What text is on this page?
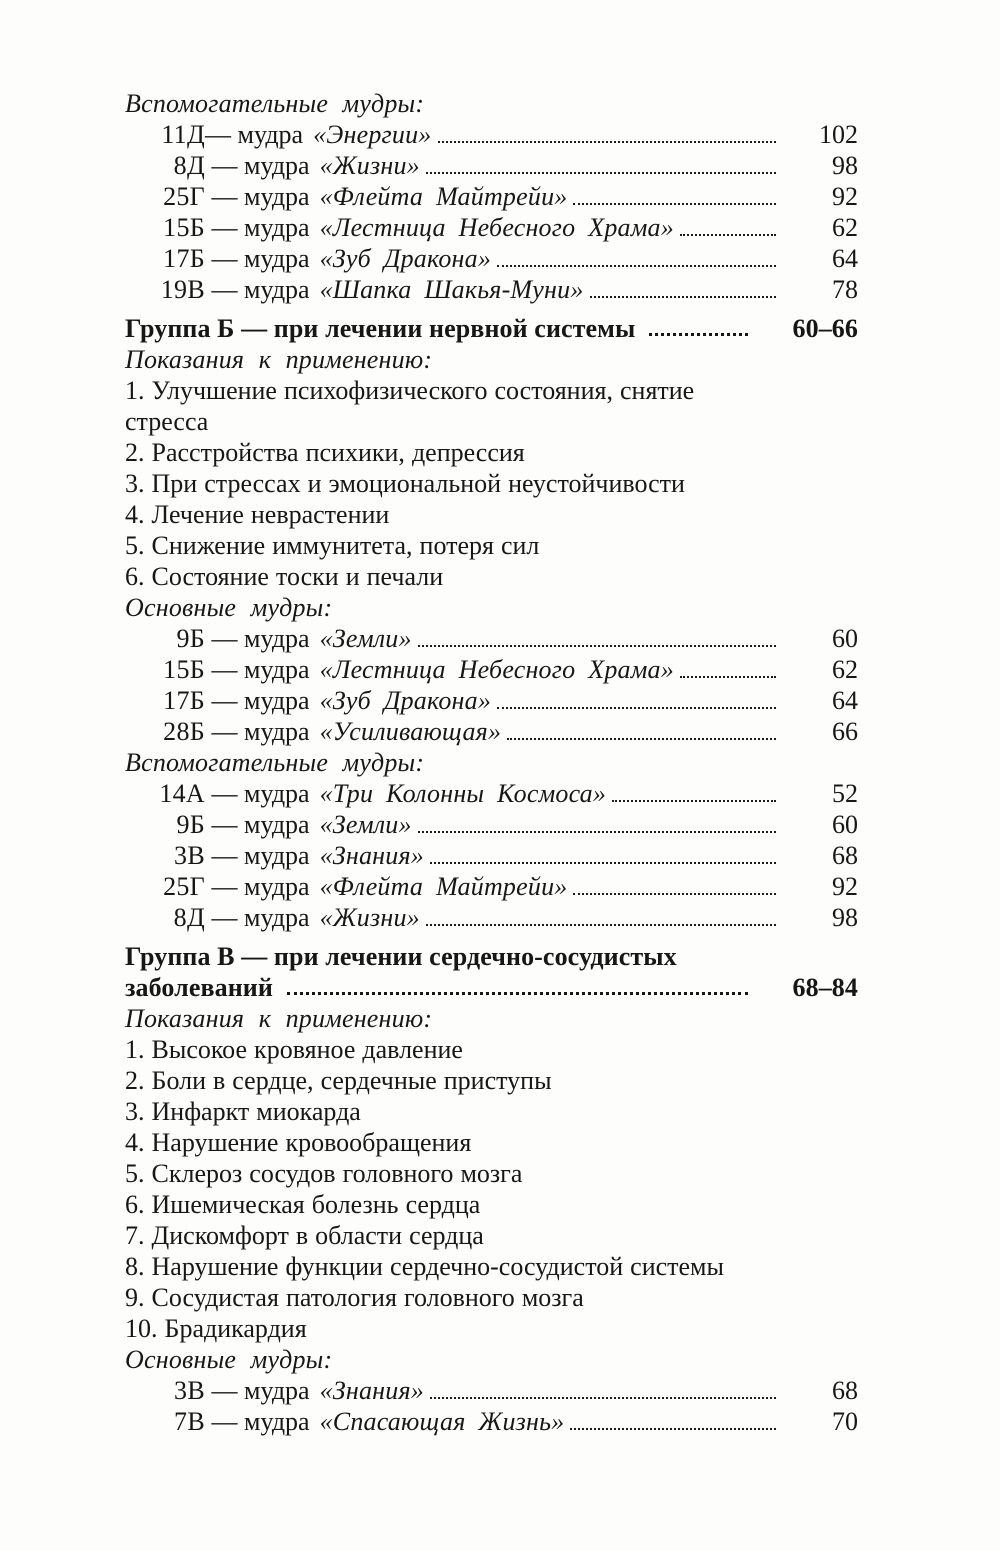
Вспомогательные мудры:
11Д — мудра «Энергии»	102
8Д — мудра «Жизни»	98
25Г — мудра «Флейта Майтрейи»	92
15Б — мудра «Лестница Небесного Храма»	62
17Б — мудра «Зуб Дракона»	64
19В — мудра «Шапка Шакья-Муни»	78
Группа Б — при лечении нервной системы	60–66
Показания к применению:
1. Улучшение психофизического состояния, снятие
стресса
2. Расстройства психики, депрессия
3. При стрессах и эмоциональной неустойчивости
4. Лечение неврастении
5. Снижение иммунитета, потеря сил
6. Состояние тоски и печали
Основные мудры:
9Б — мудра «Земли»	60
15Б — мудра «Лестница Небесного Храма»	62
17Б — мудра «Зуб Дракона»	64
28Б — мудра «Усиливающая»	66
Вспомогательные мудры:
14А — мудра «Три Колонны Космоса»	52
9Б — мудра «Земли»	60
3В — мудра «Знания»	68
25Г — мудра «Флейта Майтрейи»	92
8Д — мудра «Жизни»	98
Группа В — при лечении сердечно-сосудистых
заболеваний	68–84
Показания к применению:
1. Высокое кровяное давление
2. Боли в сердце, сердечные приступы
3. Инфаркт миокарда
4. Нарушение кровообращения
5. Склероз сосудов головного мозга
6. Ишемическая болезнь сердца
7. Дискомфорт в области сердца
8. Нарушение функции сердечно-сосудистой системы
9. Сосудистая патология головного мозга
10. Брадикардия
Основные мудры:
3В — мудра «Знания»	68
7В — мудра «Спасающая Жизнь»	70
